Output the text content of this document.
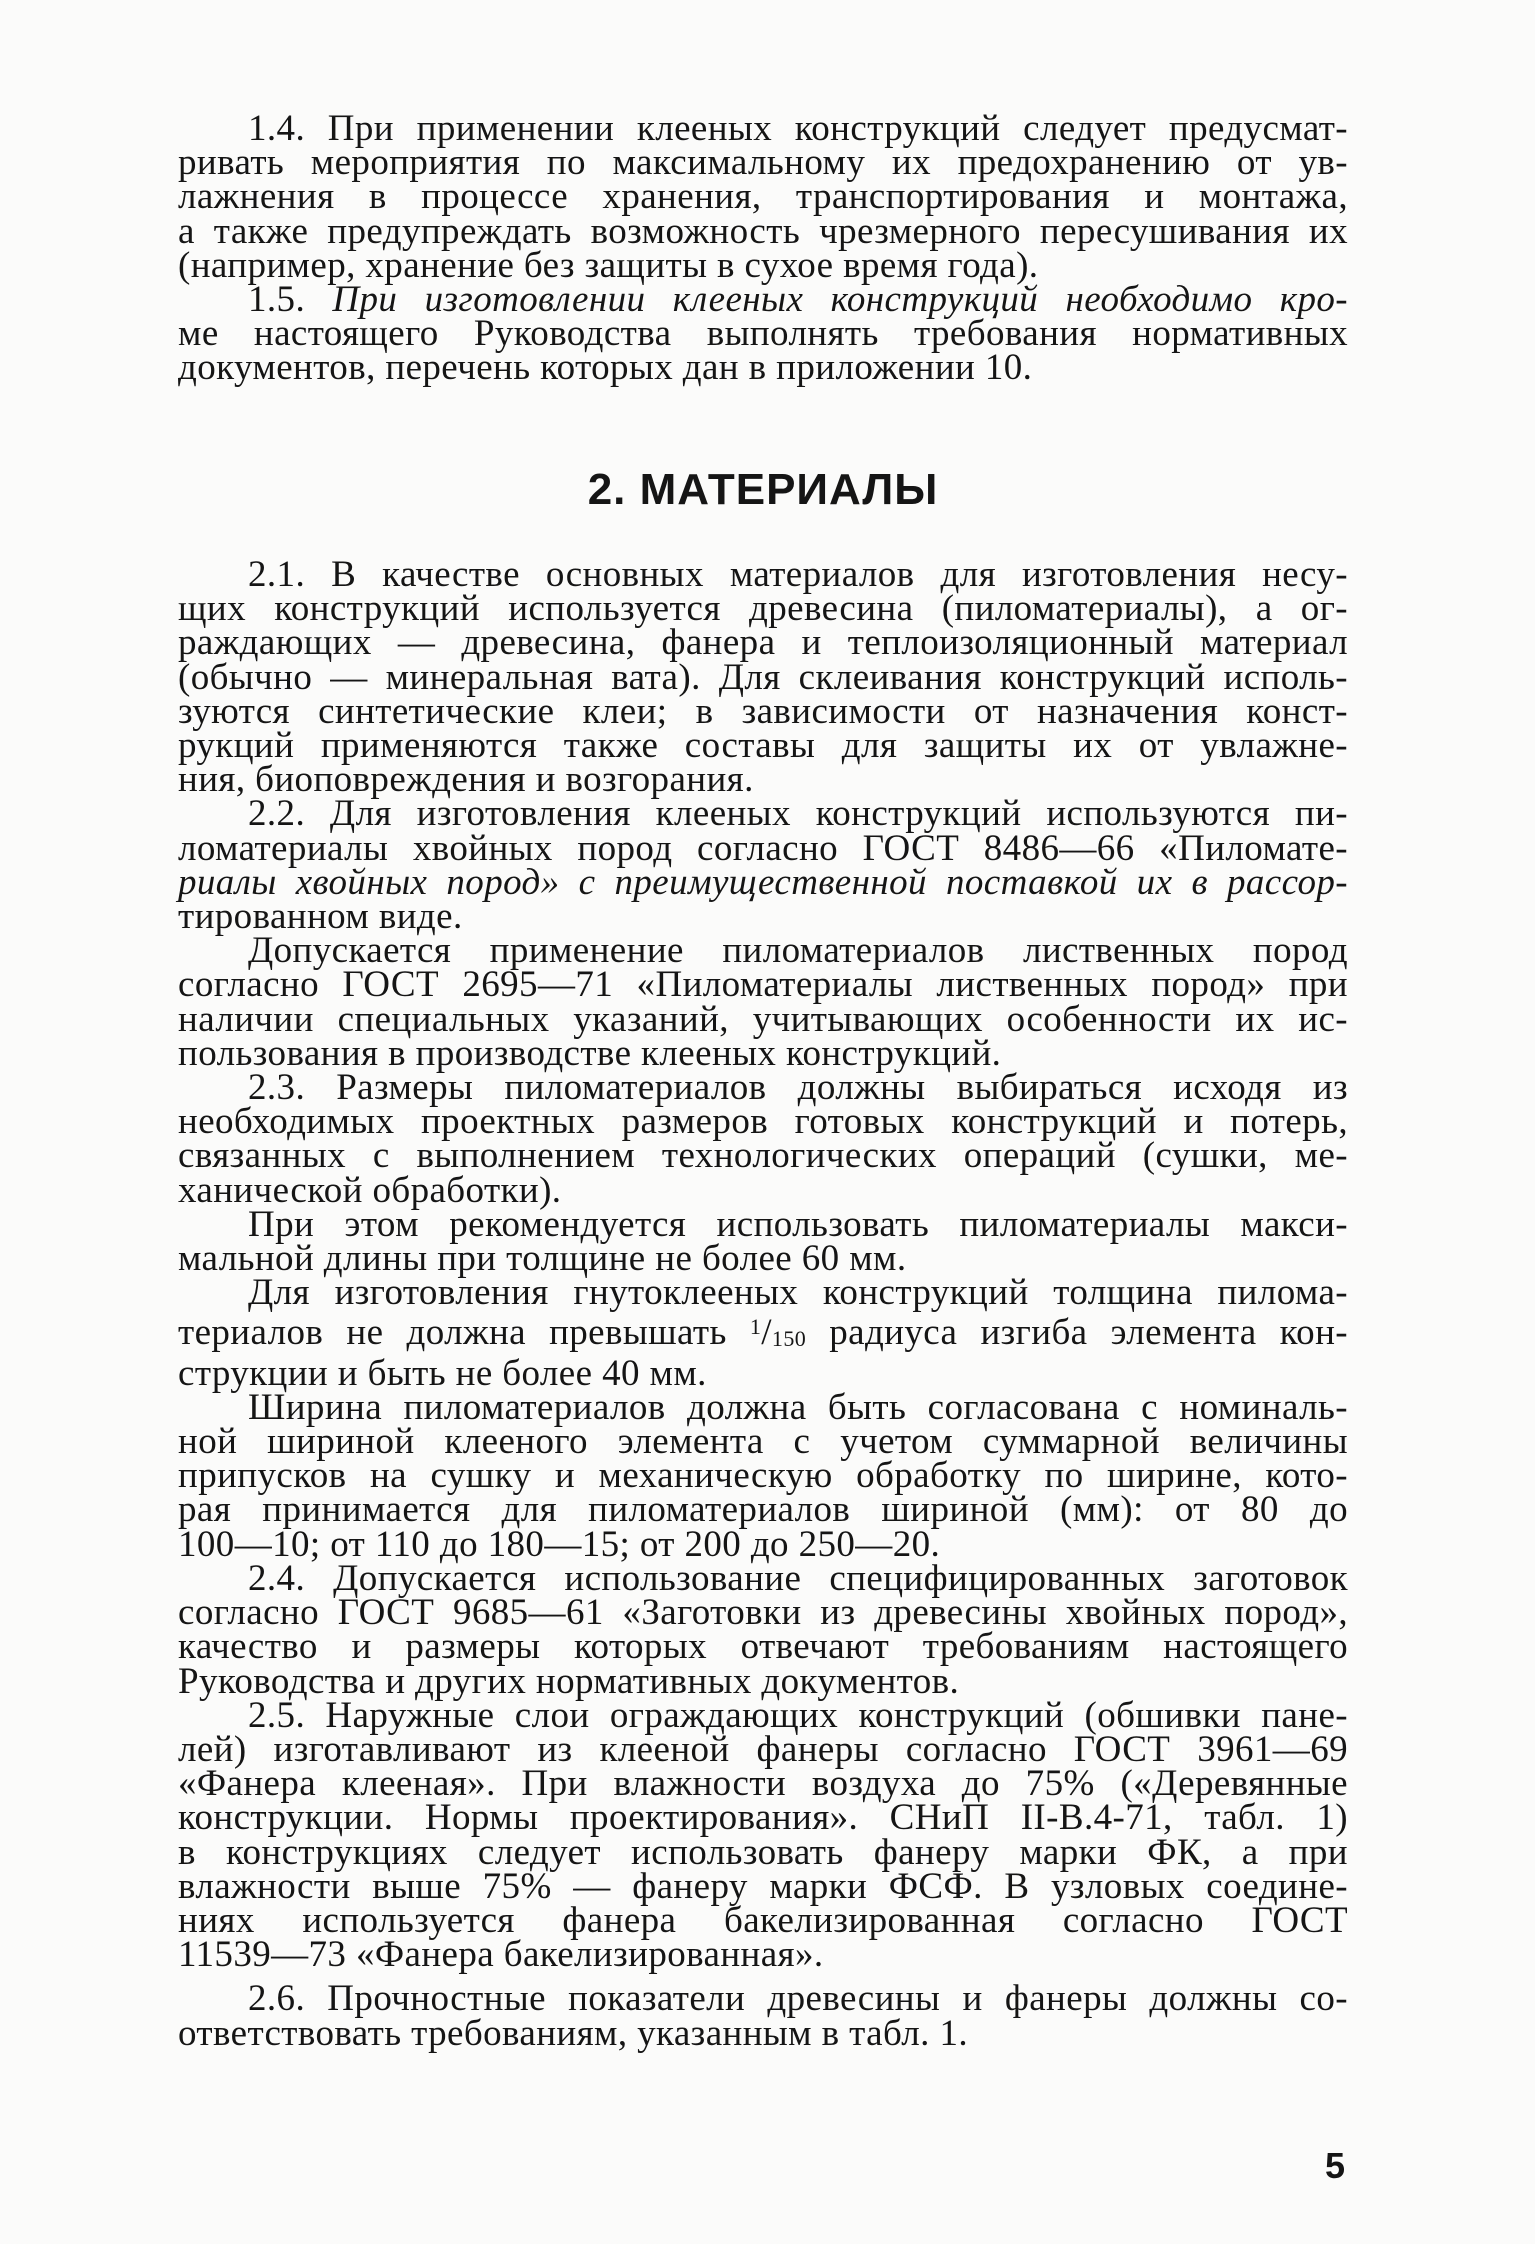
1.4. При применении клееных конструкций следует предусмат-
ривать мероприятия по максимальному их предохранению от ув-
лажнения в процессе хранения, транспортирования и монтажа,
а также предупреждать возможность чрезмерного пересушивания их
(например, хранение без защиты в сухое время года).

1.5. При изготовлении клееных конструкций необходимо кро-
ме настоящего Руководства выполнять требования нормативных
документов, перечень которых дан в приложении 10.

2. МАТЕРИАЛЫ

2.1. В качестве основных материалов для изготовления несу-
щих конструкций используется древесина (пиломатериалы), а ог-
раждающих — древесина, фанера и теплоизоляционный материал
(обычно — минеральная вата). Для склеивания конструкций исполь-
зуются синтетические клеи; в зависимости от назначения конст-
рукций применяются также составы для защиты их от увлажне-
ния, биоповреждения и возгорания.

2.2. Для изготовления клееных конструкций используются пи-
ломатериалы хвойных пород согласно ГОСТ 8486—66 «Пиломате-
риалы хвойных пород» с преимущественной поставкой их в рассор-
тированном виде.

Допускается применение пиломатериалов лиственных пород
согласно ГОСТ 2695—71 «Пиломатериалы лиственных пород» при
наличии специальных указаний, учитывающих особенности их ис-
пользования в производстве клееных конструкций.

2.3. Размеры пиломатериалов должны выбираться исходя из
необходимых проектных размеров готовых конструкций и потерь,
связанных с выполнением технологических операций (сушки, ме-
ханической обработки).

При этом рекомендуется использовать пиломатериалы макси-
мальной длины при толщине не более 60 мм.

Для изготовления гнутоклееных конструкций толщина пилома-
териалов не должна превышать $^1/_{150}$ радиуса изгиба элемента кон-
струкции и быть не более 40 мм.

Ширина пиломатериалов должна быть согласована с номиналь-
ной шириной клееного элемента с учетом суммарной величины
припусков на сушку и механическую обработку по ширине, кото-
рая принимается для пиломатериалов шириной (мм): от 80 до
100—10; от 110 до 180—15; от 200 до 250—20.

2.4. Допускается использование специфицированных заготовок
согласно ГОСТ 9685—61 «Заготовки из древесины хвойных пород»,
качество и размеры которых отвечают требованиям настоящего
Руководства и других нормативных документов.

2.5. Наружные слои ограждающих конструкций (обшивки пане-
лей) изготавливают из клееной фанеры согласно ГОСТ 3961—69
«Фанера клееная». При влажности воздуха до 75% («Деревянные
конструкции. Нормы проектирования». СНиП II-В.4-71, табл. 1)
в конструкциях следует использовать фанеру марки ФК, а при
влажности выше 75% — фанеру марки ФСФ. В узловых соедине-
ниях используется фанера бакелизированная согласно ГОСТ
11539—73 «Фанера бакелизированная».

2.6. Прочностные показатели древесины и фанеры должны со-
ответствовать требованиям, указанным в табл. 1.

5
